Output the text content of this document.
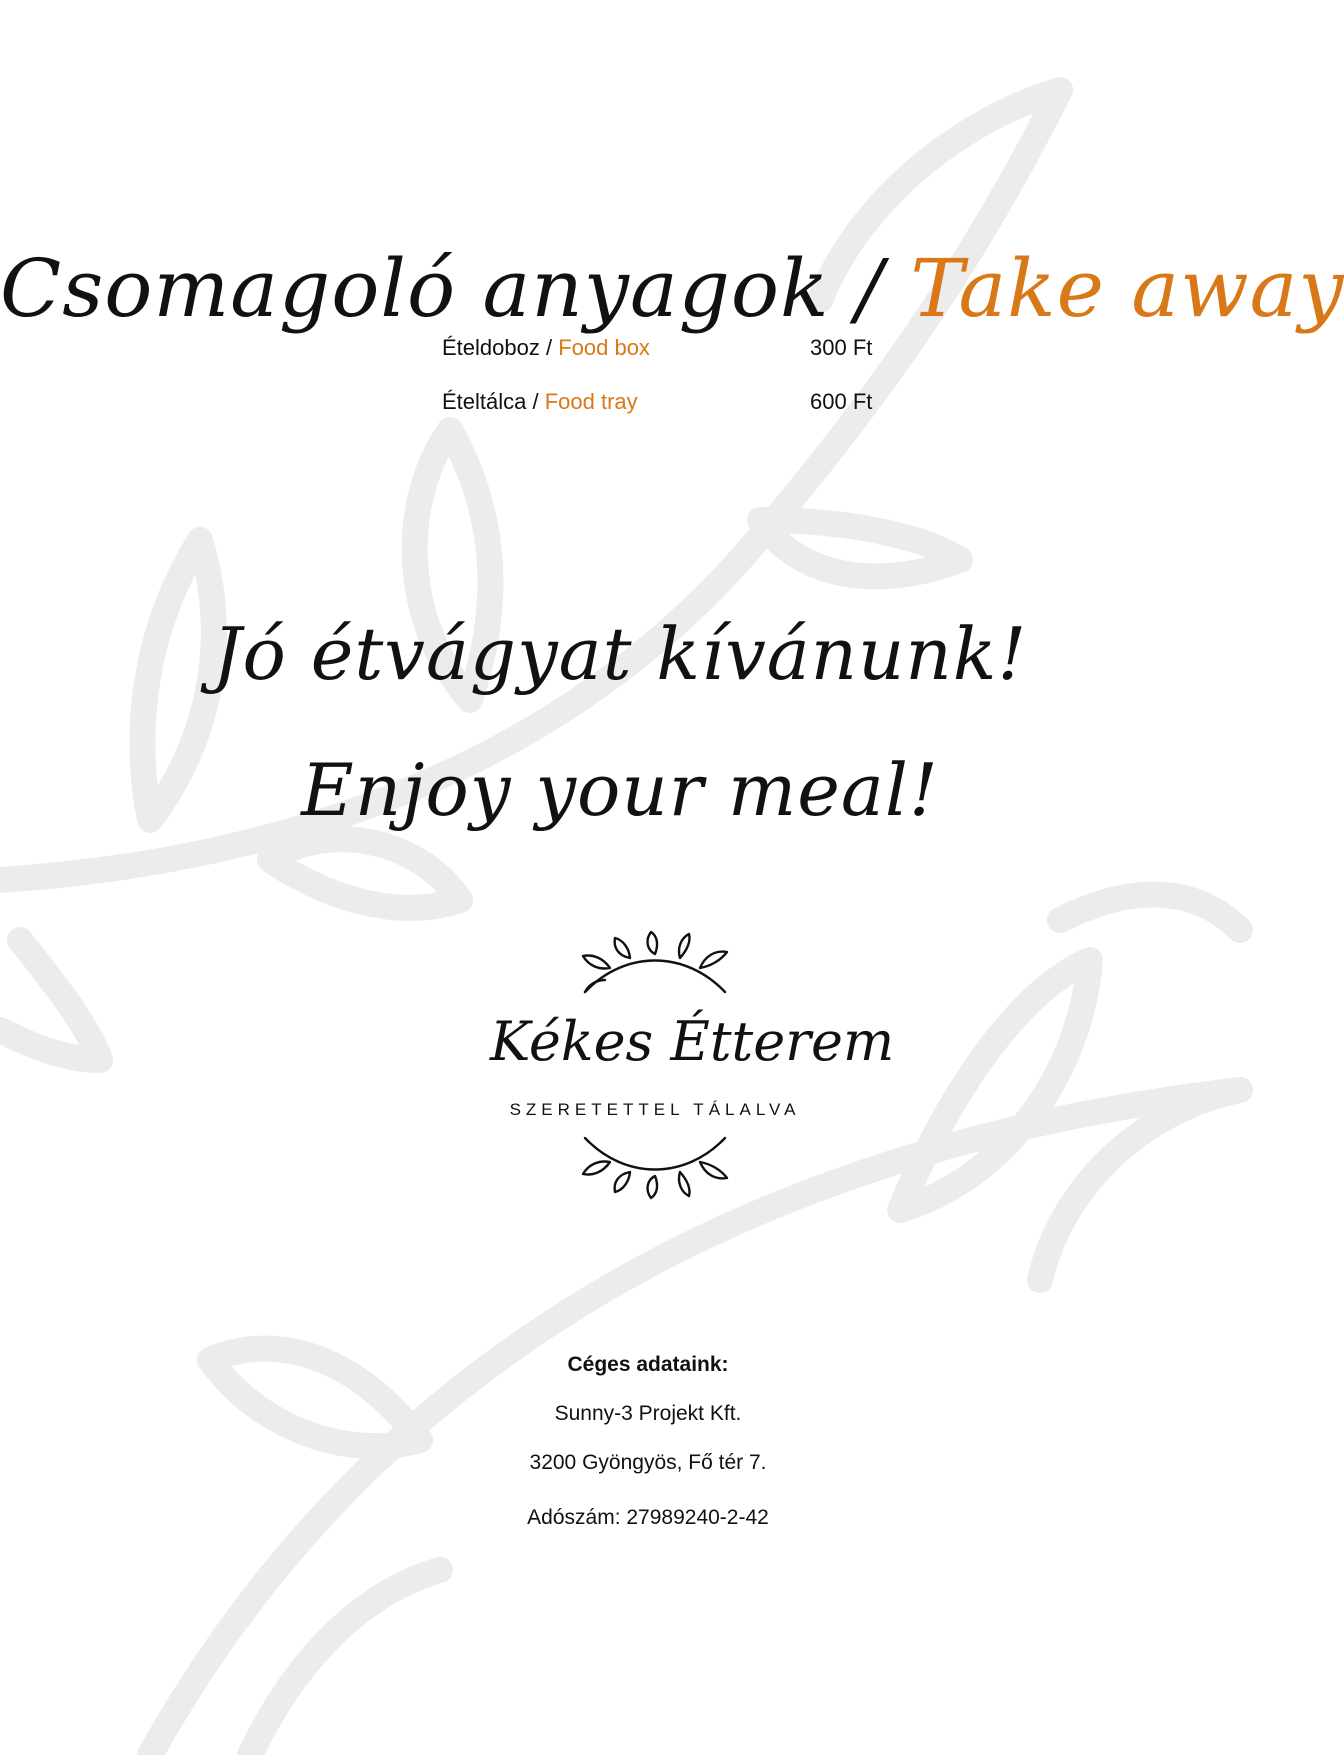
Csomagoló anyagok / Take away
Ételdoboz / Food box	300 Ft
Ételtálca / Food tray	600 Ft
Jó étvágyat kívánunk!
Enjoy your meal!
Kékes Étterem
SZERETETTEL TÁLALVA
Céges adataink:
Sunny-3 Projekt Kft.
3200 Gyöngyös, Fő tér 7.
Adószám: 27989240-2-42
